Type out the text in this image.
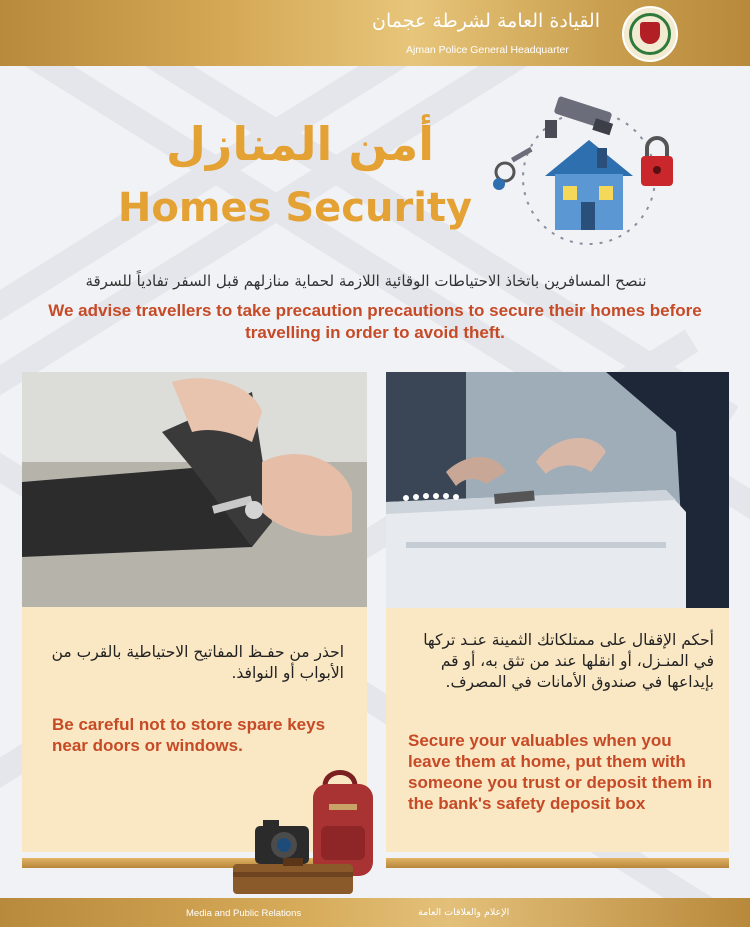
القيادة العامة لشرطة عجمان
Ajman Police General Headquarter
أمن المنازل
Homes Security
ننصح المسافرين باتخاذ الاحتياطات الوقائية اللازمة لحماية منازلهم قبل السفر تفادياً للسرقة
We advise travellers to take precaution precautions to secure their homes before travelling in order to avoid theft.
احذر من حفـظ المفاتيح الاحتياطية بالقرب من الأبواب أو النوافذ.
Be careful not to store spare keys near doors or windows.
أحكم الإقفال على ممتلكاتك الثمينة عنـد تركها في المنـزل، أو انقلها عند من تثق به، أو قم بإيداعها في صندوق الأمانات في المصرف.
Secure your valuables when you leave them at home, put them with someone you trust or deposit them in the bank's safety deposit box
Media and Public Relations	الإعلام والعلاقات العامة
